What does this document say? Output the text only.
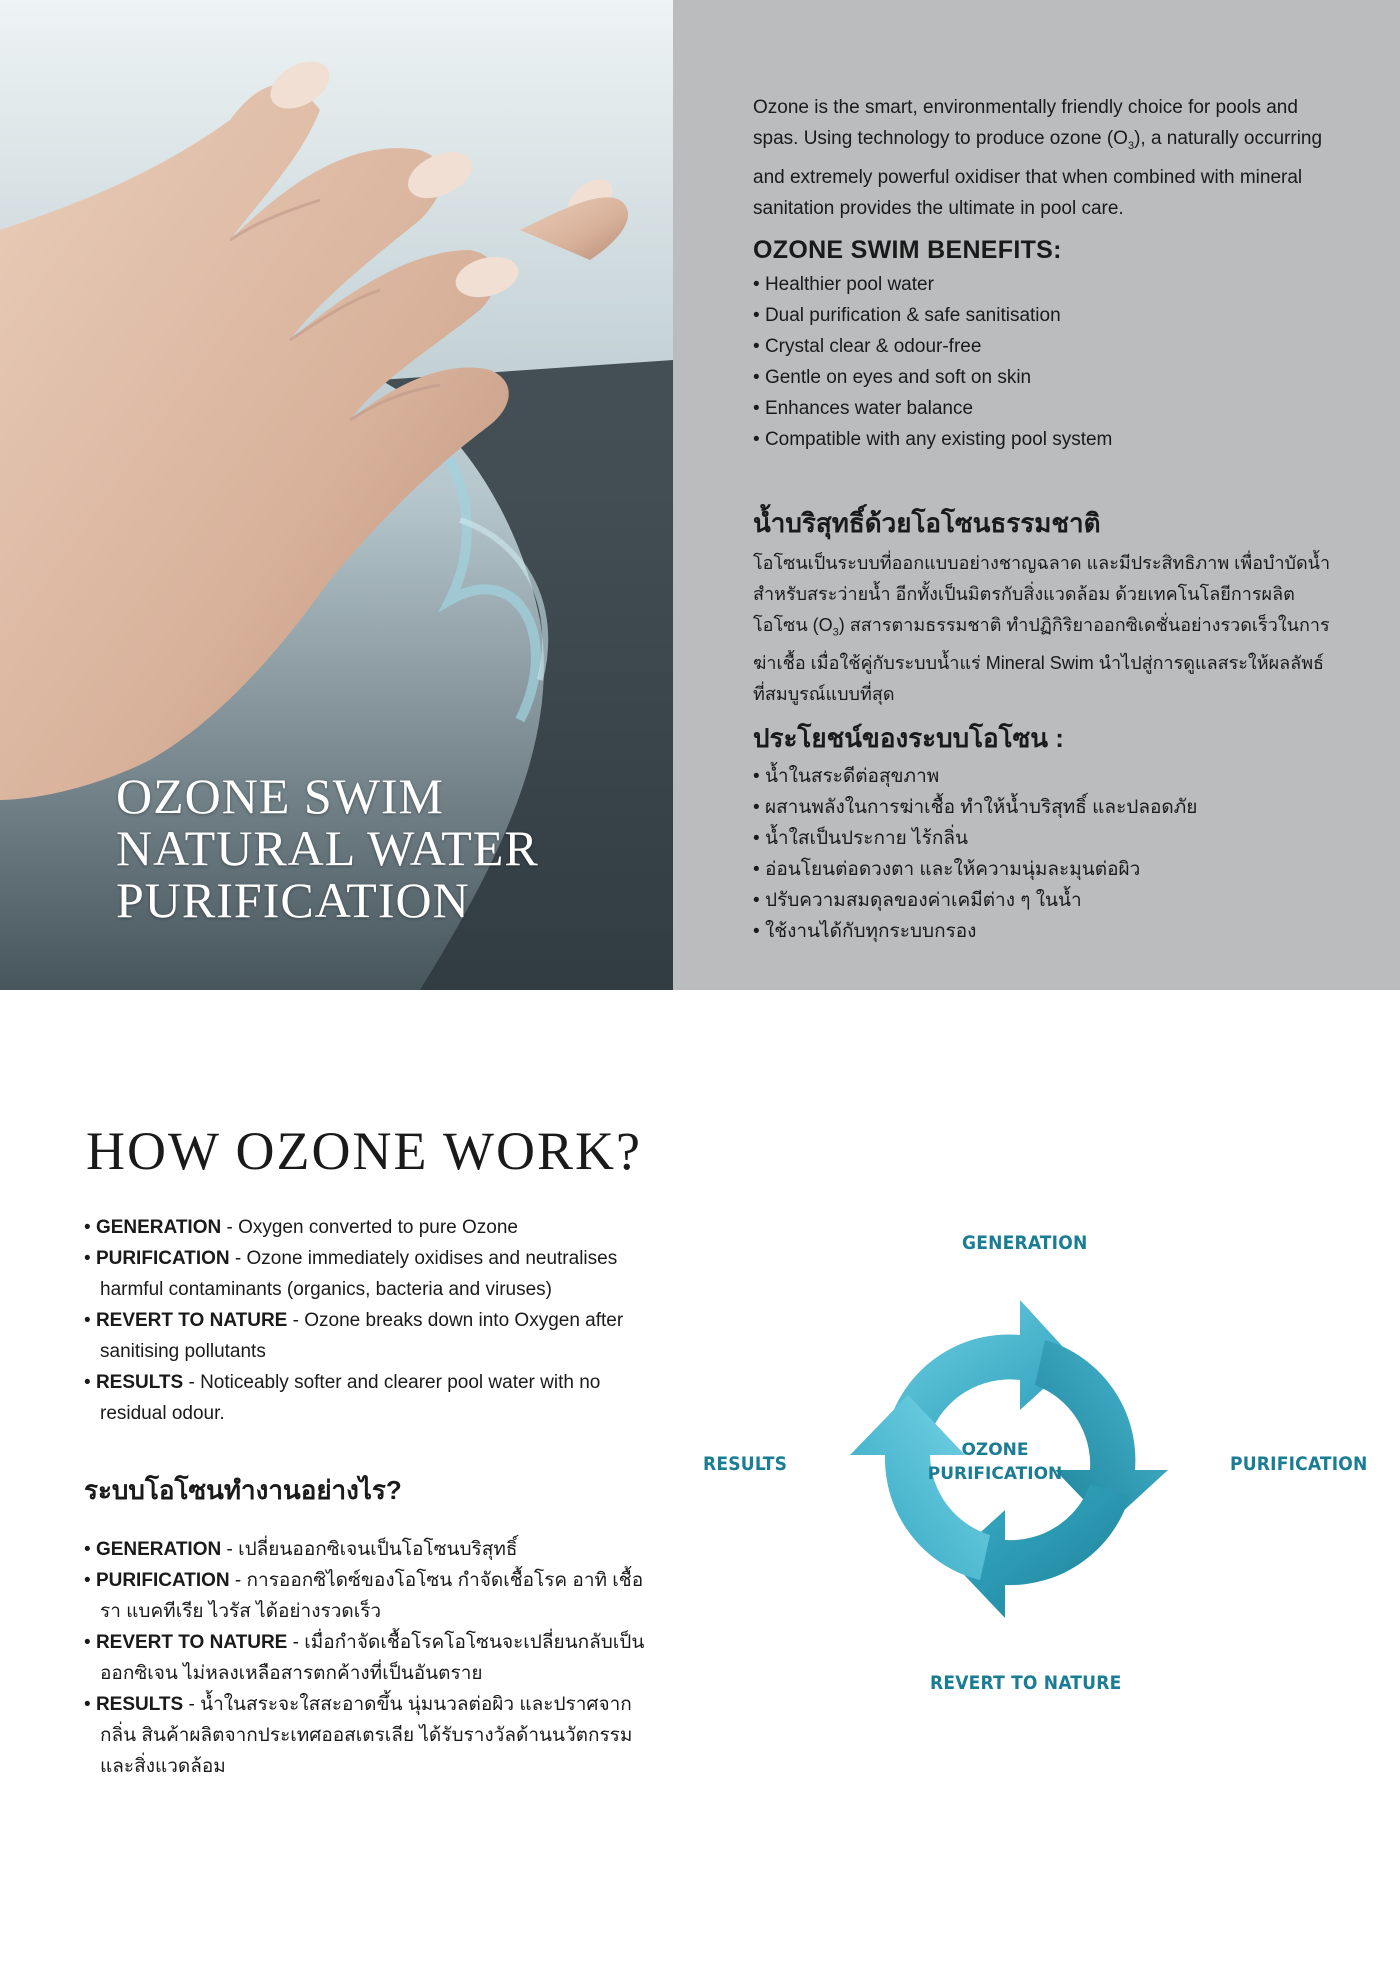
OZONE SWIM
NATURAL WATER
PURIFICATION

Ozone is the smart, environmentally friendly choice for pools and spas. Using technology to produce ozone $(O_3)$, a naturally occurring and extremely powerful oxidiser that when combined with mineral sanitation provides the ultimate in pool care.

OZONE SWIM BENEFITS:
• Healthier pool water
• Dual purification & safe sanitisation
• Crystal clear & odour-free
• Gentle on eyes and soft on skin
• Enhances water balance
• Compatible with any existing pool system
น้ำบริสุทธิ์ด้วยโอโซนธรรมชาติ

โอโซนเป็นระบบที่ออกแบบอย่างชาญฉลาด และมีประสิทธิภาพ เพื่อบำบัดน้ำสำหรับสระว่ายน้ำ อีกทั้งเป็นมิตรกับสิ่งแวดล้อม ด้วยเทคโนโลยีการผลิตโอโซน $(O_3)$ สสารตามธรรมชาติ ทำปฏิกิริยาออกซิเดชั่นอย่างรวดเร็วในการฆ่าเชื้อ เมื่อใช้คู่กับระบบน้ำแร่ Mineral Swim นำไปสู่การดูแลสระให้ผลลัพธ์ที่สมบูรณ์แบบที่สุด

ประโยชน์ของระบบโอโซน :
• น้ำในสระดีต่อสุขภาพ
• ผสานพลังในการฆ่าเชื้อ ทำให้น้ำบริสุทธิ์ และปลอดภัย
• น้ำใสเป็นประกาย ไร้กลิ่น
• อ่อนโยนต่อดวงตา และให้ความนุ่มละมุนต่อผิว
• ปรับความสมดุลของค่าเคมีต่าง ๆ ในน้ำ
• ใช้งานได้กับทุกระบบกรอง
HOW OZONE WORK?
• GENERATION - Oxygen converted to pure Ozone
• PURIFICATION - Ozone immediately oxidises and neutralises harmful contaminants (organics, bacteria and viruses)
• REVERT TO NATURE - Ozone breaks down into Oxygen after sanitising pollutants
• RESULTS - Noticeably softer and clearer pool water with no residual odour.
ระบบโอโซนทำงานอย่างไร?
• GENERATION - เปลี่ยนออกซิเจนเป็นโอโซนบริสุทธิ์
• PURIFICATION - การออกซิไดซ์ของโอโซน กำจัดเชื้อโรค อาทิ เชื้อรา แบคทีเรีย ไวรัส ได้อย่างรวดเร็ว
• REVERT TO NATURE - เมื่อกำจัดเชื้อโรคโอโซนจะเปลี่ยนกลับเป็นออกซิเจน ไม่หลงเหลือสารตกค้างที่เป็นอันตราย
• RESULTS - น้ำในสระจะใสสะอาดขึ้น นุ่มนวลต่อผิว และปราศจากกลิ่น สินค้าผลิตจากประเทศออสเตรเลีย ได้รับรางวัลด้านนวัตกรรม และสิ่งแวดล้อม
GENERATION
PURIFICATION
REVERT TO NATURE
RESULTS
OZONE
PURIFICATION
